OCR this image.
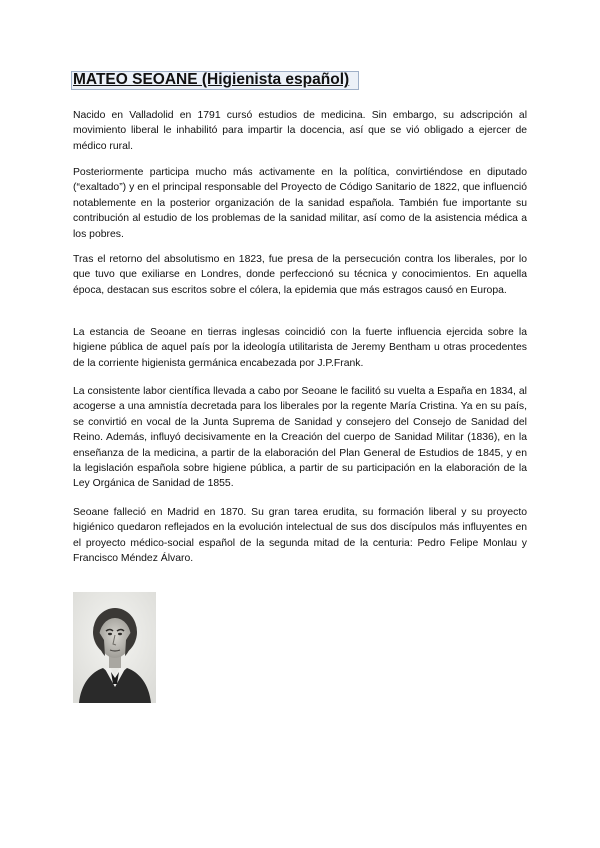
MATEO SEOANE (Higienista español)

Nacido en Valladolid en 1791 cursó estudios de medicina. Sin embargo, su adscripción al movimiento liberal le inhabilitó para impartir la docencia, así que se vió obligado a ejercer de médico rural.

Posteriormente participa mucho más activamente en la política, convirtiéndose en diputado (“exaltado”) y en el principal responsable del Proyecto de Código Sanitario de 1822, que influenció notablemente en la posterior organización de la sanidad española. También fue importante su contribución al estudio de los problemas de la sanidad militar, así como de la asistencia médica a los pobres.

Tras el retorno del absolutismo en 1823, fue presa de la persecución contra los liberales, por lo que tuvo que exiliarse en Londres, donde perfeccionó su técnica y conocimientos. En aquella época, destacan sus escritos sobre el cólera, la epidemia que más estragos causó en Europa.

La estancia de Seoane en tierras inglesas coincidió con la fuerte influencia ejercida sobre la higiene pública de aquel país por la ideología utilitarista de Jeremy Bentham u otras procedentes de la corriente higienista germánica encabezada por J.P.Frank.

La consistente labor científica llevada a cabo por Seoane le facilitó su vuelta a España en 1834, al acogerse a una amnistía decretada para los liberales por la regente María Cristina. Ya en su país, se convirtió en vocal de la Junta Suprema de Sanidad y consejero del Consejo de Sanidad del Reino. Además, influyó decisivamente en la Creación del cuerpo de Sanidad Militar (1836), en la enseñanza de la medicina, a partir de la elaboración del Plan General de Estudios de 1845, y en la legislación española sobre higiene pública, a partir de su participación en la elaboración de la Ley Orgánica de Sanidad de 1855.

Seoane falleció en Madrid en 1870. Su gran tarea erudita, su formación liberal y su proyecto higiénico quedaron reflejados en la evolución intelectual de sus dos discípulos más influyentes en el proyecto médico-social español de la segunda mitad de la centuria: Pedro Felipe Monlau y Francisco Méndez Álvaro.
